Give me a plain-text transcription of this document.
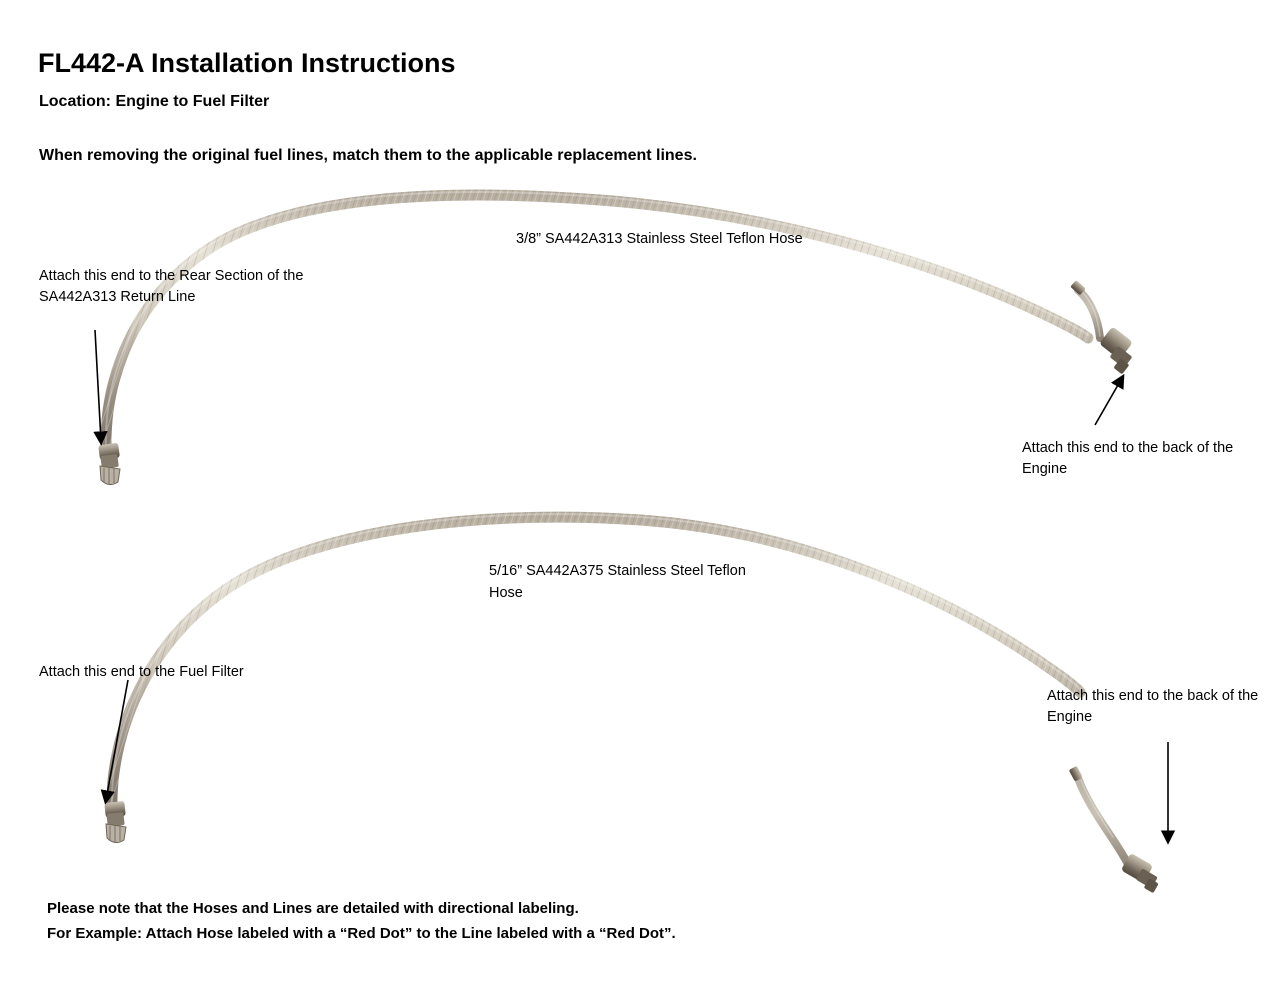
FL442-A Installation Instructions
Location: Engine to Fuel Filter
When removing the original fuel lines, match them to the applicable replacement lines.
Attach this end to the Rear Section of the SA442A313 Return Line
3/8” SA442A313 Stainless Steel Teflon Hose
Attach this end to the back of the Engine
Attach this end to the Fuel Filter
5/16” SA442A375 Stainless Steel Teflon Hose
Attach this end to the back of the Engine
Please note that the Hoses and Lines are detailed with directional labeling.
For Example: Attach Hose labeled with a “Red Dot” to the Line labeled with a “Red Dot”.
